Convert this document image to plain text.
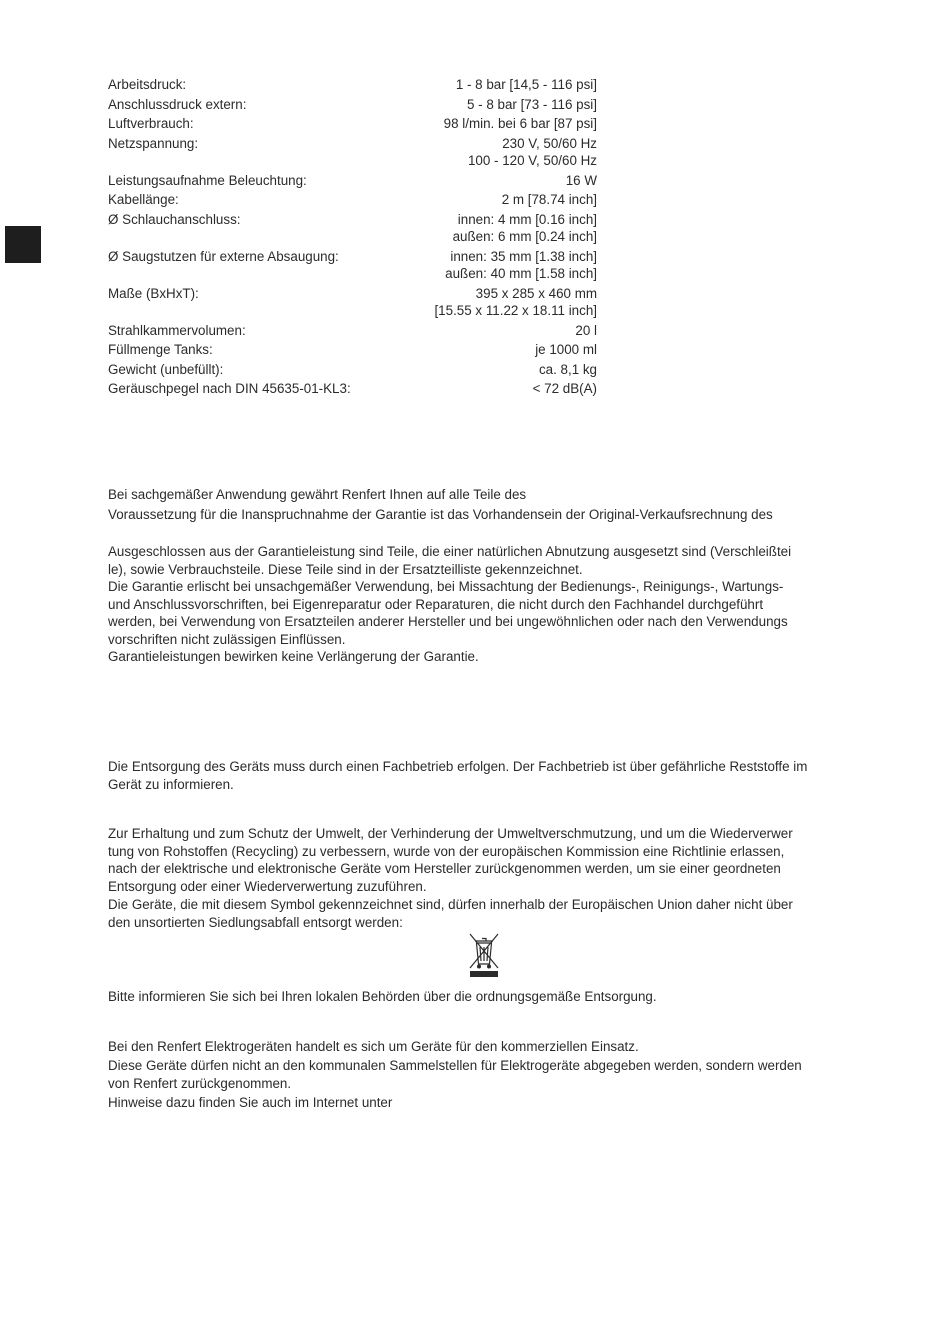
Arbeitsdruck:	1 - 8 bar [14,5 - 116 psi]
Anschlussdruck extern:	5 - 8 bar [73 - 116 psi]
Luftverbrauch:	98 l/min. bei 6 bar [87 psi]
Netzspannung:	230 V, 50/60 Hz
100 - 120 V, 50/60 Hz
Leistungsaufnahme Beleuchtung:	16 W
Kabellänge:	2 m [78.74 inch]
Ø Schlauchanschluss:	innen: 4 mm [0.16 inch]
außen: 6 mm [0.24 inch]
Ø Saugstutzen für externe Absaugung:	innen: 35 mm [1.38 inch]
außen: 40 mm [1.58 inch]
Maße (BxHxT):	395 x 285 x 460 mm
[15.55 x 11.22 x 18.11 inch]
Strahlkammervolumen:	20 l
Füllmenge Tanks:	je 1000 ml
Gewicht (unbefüllt):	ca. 8,1 kg
Geräuschpegel nach DIN 45635-01-KL3:	< 72 dB(A)

Bei sachgemäßer Anwendung gewährt Renfert Ihnen auf alle Teile des

Voraussetzung für die Inanspruchnahme der Garantie ist das Vorhandensein der Original-Verkaufsrechnung des

Ausgeschlossen aus der Garantieleistung sind Teile, die einer natürlichen Abnutzung ausgesetzt sind (Verschleißtei
le), sowie Verbrauchsteile. Diese Teile sind in der Ersatzteilliste gekennzeichnet.
Die Garantie erlischt bei unsachgemäßer Verwendung, bei Missachtung der Bedienungs-, Reinigungs-, Wartungs-
und Anschlussvorschriften, bei Eigenreparatur oder Reparaturen, die nicht durch den Fachhandel durchgeführt
werden, bei Verwendung von Ersatzteilen anderer Hersteller und bei ungewöhnlichen oder nach den Verwendungs
vorschriften nicht zulässigen Einflüssen.

Garantieleistungen bewirken keine Verlängerung der Garantie.

Die Entsorgung des Geräts muss durch einen Fachbetrieb erfolgen. Der Fachbetrieb ist über gefährliche Reststoffe im
Gerät zu informieren.

Zur Erhaltung und zum Schutz der Umwelt, der Verhinderung der Umweltverschmutzung, und um die Wiederverwer
tung von Rohstoffen (Recycling) zu verbessern, wurde von der europäischen Kommission eine Richtlinie erlassen,
nach der elektrische und elektronische Geräte vom Hersteller zurückgenommen werden, um sie einer geordneten
Entsorgung oder einer Wiederverwertung zuzuführen.

Die Geräte, die mit diesem Symbol gekennzeichnet sind, dürfen innerhalb der Europäischen Union daher nicht über
den unsortierten Siedlungsabfall entsorgt werden:

Bitte informieren Sie sich bei Ihren lokalen Behörden über die ordnungsgemäße Entsorgung.

Bei den Renfert Elektrogeräten handelt es sich um Geräte für den kommerziellen Einsatz.

Diese Geräte dürfen nicht an den kommunalen Sammelstellen für Elektrogeräte abgegeben werden, sondern werden
von Renfert zurückgenommen.

Hinweise dazu finden Sie auch im Internet unter
